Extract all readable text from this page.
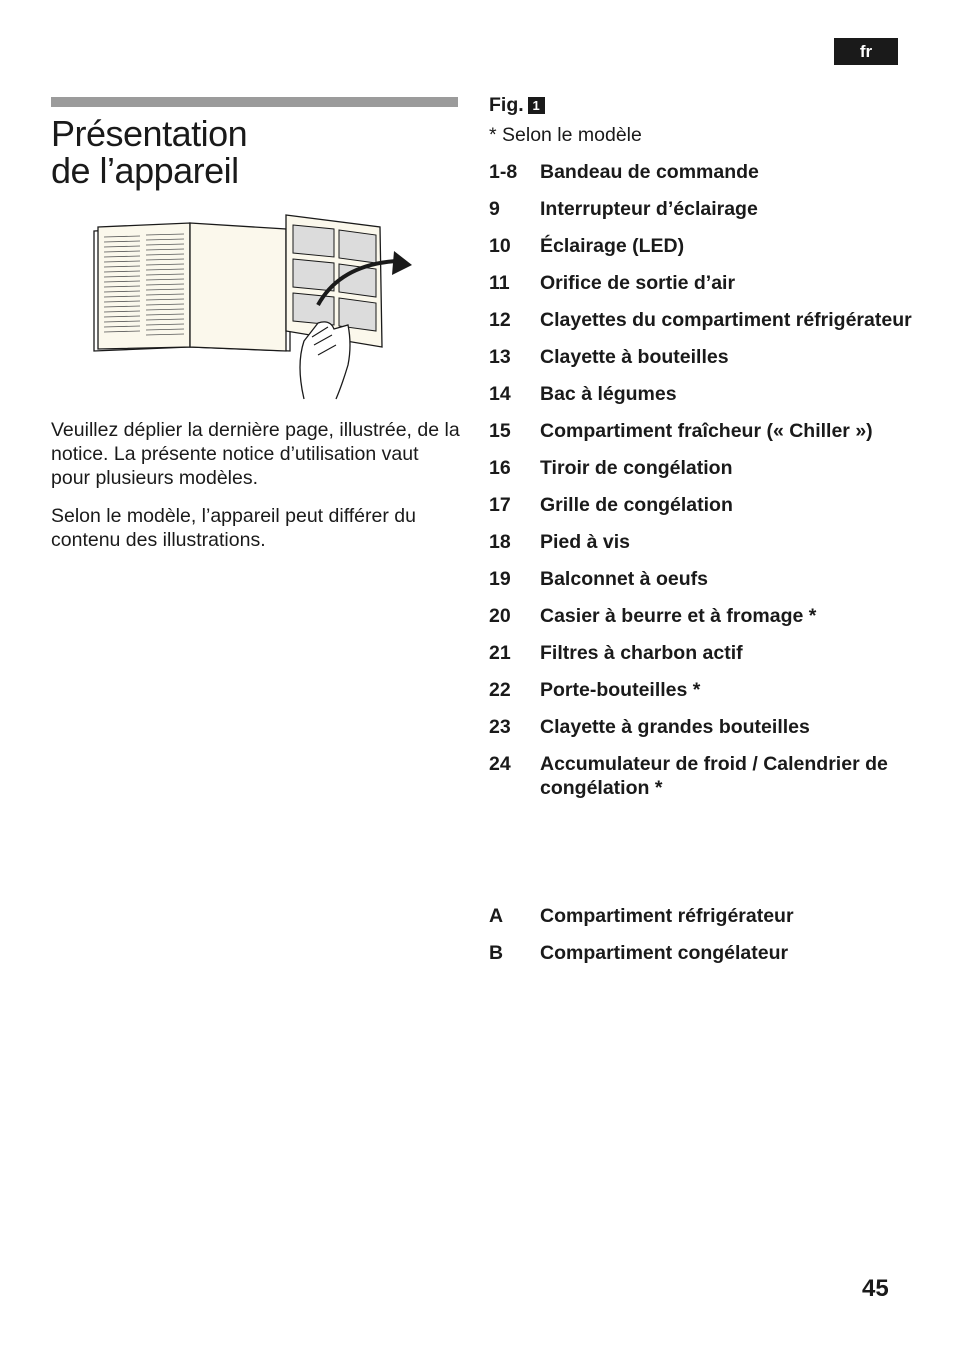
fr
Présentation
de l’appareil

Veuillez déplier la dernière page, illustrée, de la notice. La présente notice d’utilisation vaut pour plusieurs modèles.

Selon le modèle, l’appareil peut différer du contenu des illustrations.

Fig. 1
* Selon le modèle
1-8	Bandeau de commande
9	Interrupteur d’éclairage
10	Éclairage (LED)
11	Orifice de sortie d’air
12	Clayettes du compartiment réfrigérateur
13	Clayette à bouteilles
14	Bac à légumes
15	Compartiment fraîcheur (« Chiller »)
16	Tiroir de congélation
17	Grille de congélation
18	Pied à vis
19	Balconnet à oeufs
20	Casier à beurre et à fromage *
21	Filtres à charbon actif
22	Porte-bouteilles *
23	Clayette à grandes bouteilles
24	Accumulateur de froid / Calendrier de congélation *
A	Compartiment réfrigérateur
B	Compartiment congélateur
45
